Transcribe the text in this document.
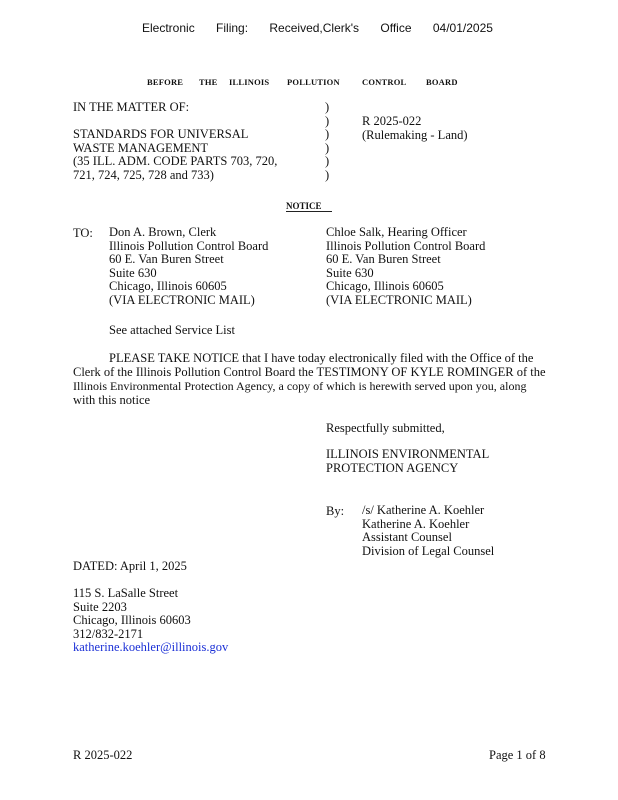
Electronic Filing: Received,Clerk's Office 04/01/2025
BEFORE THE ILLINOIS POLLUTION	CONTROL BOARD
IN THE MATTER OF:
STANDARDS FOR UNIVERSAL
WASTE MANAGEMENT
(35 ILL. ADM. CODE PARTS 703, 720,
721, 724, 725, 728 and 733)
)
)
)
)
)
)
R 2025-022
(Rulemaking - Land)
NOTICE
TO: Don A. Brown, Clerk
Illinois Pollution Control Board
60 E. Van Buren Street
Suite 630
Chicago, Illinois 60605
(VIA ELECTRONIC MAIL)
Chloe Salk, Hearing Officer
Illinois Pollution Control Board
60 E. Van Buren Street
Suite 630
Chicago, Illinois 60605
(VIA ELECTRONIC MAIL)
See attached Service List
PLEASE TAKE NOTICE that I have today electronically filed with the Office of the
Clerk of the Illinois Pollution Control Board the TESTIMONY OF KYLE ROMINGER of the
Illinois Environmental Protection Agency, a copy of which is herewith served upon you, along
with this notice
Respectfully submitted,
ILLINOIS ENVIRONMENTAL
PROTECTION AGENCY
By: /s/ Katherine A. Koehler
Katherine A. Koehler
Assistant Counsel
Division of Legal Counsel
DATED: April 1, 2025
115 S. LaSalle Street
Suite 2203
Chicago, Illinois 60603
312/832-2171
katherine.koehler@illinois.gov
R 2025-022	Page 1 of 8
